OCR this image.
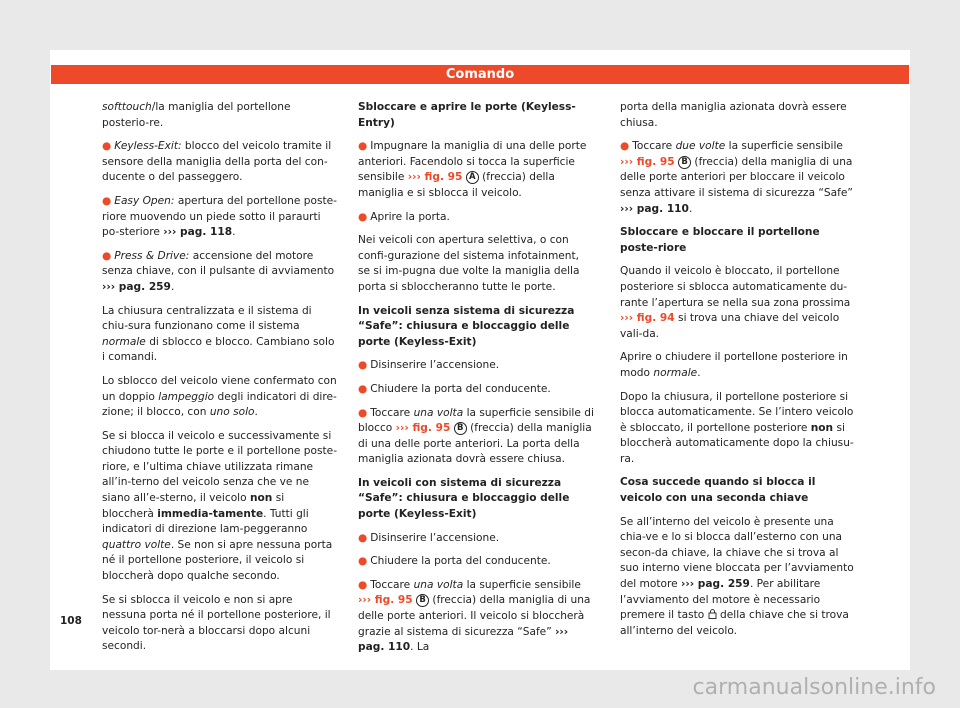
Comando

softtouch/la maniglia del portellone posterio-re.

● Keyless-Exit: blocco del veicolo tramite il sensore della maniglia della porta del con-ducente o del passeggero.

● Easy Open: apertura del portellone poste-riore muovendo un piede sotto il paraurti po-steriore ››› pag. 118.

● Press & Drive: accensione del motore senza chiave, con il pulsante di avviamento ››› pag. 259.

La chiusura centralizzata e il sistema di chiu-sura funzionano come il sistema normale di sblocco e blocco. Cambiano solo i comandi.

Lo sblocco del veicolo viene confermato con un doppio lampeggio degli indicatori di dire-zione; il blocco, con uno solo.

Se si blocca il veicolo e successivamente si chiudono tutte le porte e il portellone poste-riore, e l’ultima chiave utilizzata rimane all’in-terno del veicolo senza che ve ne siano all’e-sterno, il veicolo non si bloccherà immedia-tamente. Tutti gli indicatori di direzione lam-peggeranno quattro volte. Se non si apre nessuna porta né il portellone posteriore, il veicolo si bloccherà dopo qualche secondo.

Se si sblocca il veicolo e non si apre nessuna porta né il portellone posteriore, il veicolo tor-nerà a bloccarsi dopo alcuni secondi.

Sbloccare e aprire le porte (Keyless-Entry)

● Impugnare la maniglia di una delle porte anteriori. Facendolo si tocca la superficie sensibile ››› fig. 95 A (freccia) della maniglia e si sblocca il veicolo.

● Aprire la porta.

Nei veicoli con apertura selettiva, o con confi-gurazione del sistema infotainment, se si im-pugna due volte la maniglia della porta si sbloccheranno tutte le porte.

In veicoli senza sistema di sicurezza “Safe”: chiusura e bloccaggio delle porte (Keyless-Exit)

● Disinserire l’accensione.

● Chiudere la porta del conducente.

● Toccare una volta la superficie sensibile di blocco ››› fig. 95 B (freccia) della maniglia di una delle porte anteriori. La porta della maniglia azionata dovrà essere chiusa.

In veicoli con sistema di sicurezza “Safe”: chiusura e bloccaggio delle porte (Keyless-Exit)

● Disinserire l’accensione.

● Chiudere la porta del conducente.

● Toccare una volta la superficie sensibile ››› fig. 95 B (freccia) della maniglia di una delle porte anteriori. Il veicolo si bloccherà grazie al sistema di sicurezza “Safe” ››› pag. 110. La

porta della maniglia azionata dovrà essere chiusa.

● Toccare due volte la superficie sensibile ››› fig. 95 B (freccia) della maniglia di una delle porte anteriori per bloccare il veicolo senza attivare il sistema di sicurezza “Safe” ››› pag. 110.

Sbloccare e bloccare il portellone poste-riore

Quando il veicolo è bloccato, il portellone posteriore si sblocca automaticamente du-rante l’apertura se nella sua zona prossima ››› fig. 94 si trova una chiave del veicolo vali-da.

Aprire o chiudere il portellone posteriore in modo normale.

Dopo la chiusura, il portellone posteriore si blocca automaticamente. Se l’intero veicolo è sbloccato, il portellone posteriore non si bloccherà automaticamente dopo la chiusu-ra.

Cosa succede quando si blocca il veicolo con una seconda chiave

Se all’interno del veicolo è presente una chia-ve e lo si blocca dall’esterno con una secon-da chiave, la chiave che si trova al suo interno viene bloccata per l’avviamento del motore ››› pag. 259. Per abilitare l’avviamento del motore è necessario premere il tasto  della chiave che si trova all’interno del veicolo.

108
carmanualsonline.info
